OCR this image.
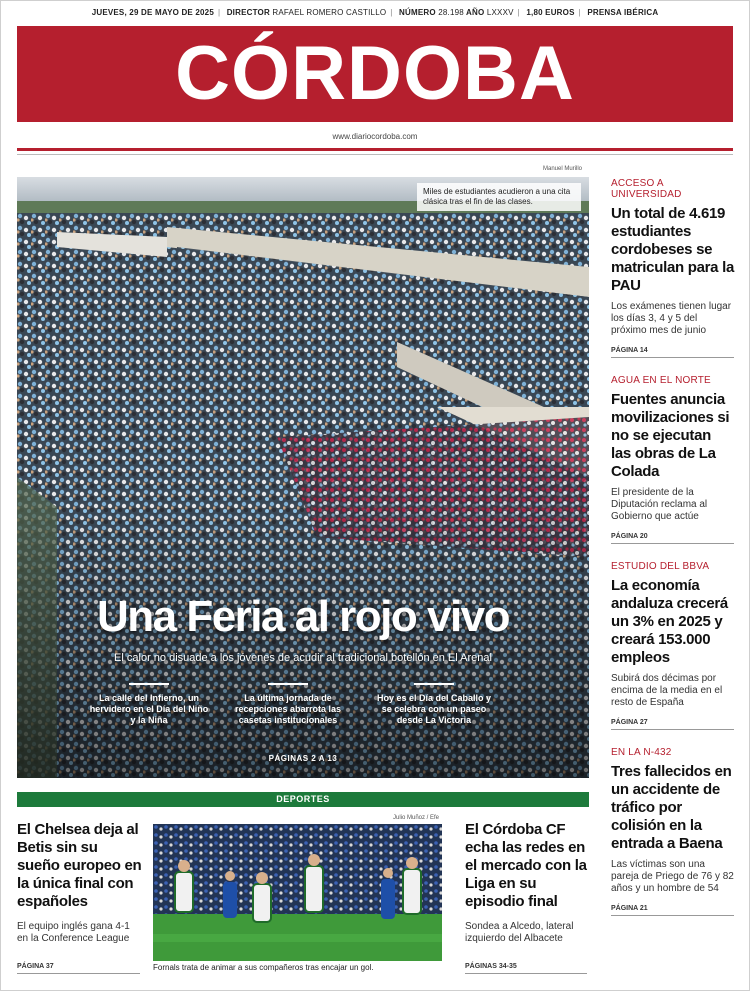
JUEVES, 29 DE MAYO DE 2025 | DIRECTOR RAFAEL ROMERO CASTILLO | NÚMERO 28.198 AÑO LXXXV | 1,80 EUROS | PRENSA IBÉRICA
CÓRDOBA
www.diariocordoba.com
Manuel Murillo
Miles de estudiantes acudieron a una cita clásica tras el fin de las clases.
Una Feria al rojo vivo
El calor no disuade a los jóvenes de acudir al tradicional botellón en El Arenal
La calle del Infierno, un hervidero en el Día del Niño y la Niña
La última jornada de recepciones abarrota las casetas institucionales
Hoy es el Día del Caballo y se celebra con un paseo desde La Victoria
PÁGINAS 2 A 13
ACCESO A UNIVERSIDAD
Un total de 4.619 estudiantes cordobeses se matriculan para la PAU
Los exámenes tienen lugar los días 3, 4 y 5 del próximo mes de junio
PÁGINA 14
AGUA EN EL NORTE
Fuentes anuncia movilizaciones si no se ejecutan las obras de La Colada
El presidente de la Diputación reclama al Gobierno que actúe
PÁGINA 20
ESTUDIO DEL BBVA
La economía andaluza crecerá un 3% en 2025 y creará 153.000 empleos
Subirá dos décimas por encima de la media en el resto de España
PÁGINA 27
EN LA N-432
Tres fallecidos en un accidente de tráfico por colisión en la entrada a Baena
Las víctimas son una pareja de Priego de 76 y 82 años y un hombre de 54
PÁGINA 21
DEPORTES
El Chelsea deja al Betis sin su sueño europeo en la única final con españoles
El equipo inglés gana 4-1 en la Conference League
PÁGINA 37
Julio Muñoz / Efe
Fornals trata de animar a sus compañeros tras encajar un gol.
El Córdoba CF echa las redes en el mercado con la Liga en su episodio final
Sondea a Alcedo, lateral izquierdo del Albacete
PÁGINAS 34-35
